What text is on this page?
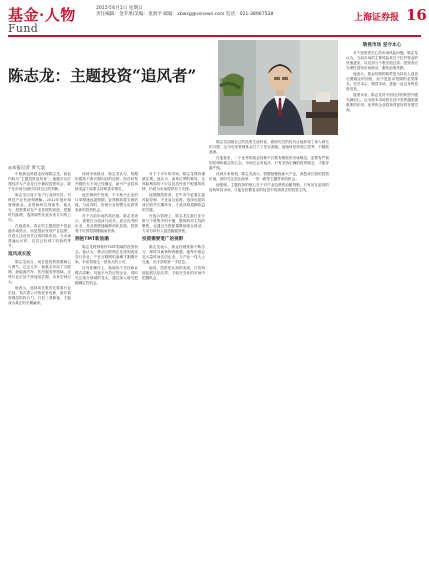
基金·人物
Fund
2015年6月1日 星期日
责任编辑：金苹果/美编：麦润平 邮箱：xbwsg@ssnews.com 电话：021-38967538	上海证券报 16
陈志龙：主题投资“追风者”
◎本报记者 黄大浪

中欧新趋势基金经理陈志龙，被业内称为“主题投资追风者”。他擅长从宏观经济与产业变迁中捕捉投资机会，敢于在市场分歧时坚持自己的判断。

陈志龙出身于电子行业研究员，对科技产业有深刻理解。2012年他开始管理基金，业绩始终名列前茅。他认为，投资要站在产业发展的高度，把握时代脉搏，选择那些代表未来方向的公司。

在他看来，真正的主题投资不是追逐市场热点，而是提前发现产业趋势，在别人还没有关注的时候布局。当市场普遍认可时，往往已经到了收获的季节。

追风成长股

陈志龙坦言，成长股投资需要耐心与勇气。过去几年，他重点布局了互联网、新能源汽车、医疗服务等领域，这些行业正处于快速成长期，未来空间巨大。

他表示，选择成长股首先要看行业空间，其次看公司的竞争优势，最后看管理层的执行力。只有三者兼备，才能成为真正的长期赢家。

谈到市场波动，陈志龙认为，短期的震荡不改长期向好的趋势。经济转型升级的大方向已经确定，新兴产业将持续受益于政策支持和需求增长。

他在调研中发现，不少新兴企业的订单增速远超预期，业绩释放将支撑估值。与此同时，传统行业的整合也将带来新的投资机会。

对于当前市场的高估值，陈志龙表示，需要区分泡沫与成长。真正优秀的企业，其业绩增速能够消化估值，投资者不应因短期涨幅而放弃。

拥抱TMT新浪潮

陈志龙特别看好TMT领域的投资机会。他认为，移动互联网正在深刻改变各行各业，产业互联网的浪潮才刚刚开始，未来将诞生一批伟大的公司。

在具体操作上，他倾向于寻找商业模式清晰、具备平台效应的企业，同时关注细分领域的龙头，通过深入研究把握确定性机会。

对于下半年的市场，陈志龙保持谨慎乐观。他认为，改革红利的释放、无风险利率的下行以及居民资产配置的转移，仍将为市场提供有力支撑。

他提醒投资者，在牛市中更要注意风险控制，不宜盲目追涨。选择优质的成长股并长期持有，才是获取超额收益的关键。

在组合管理上，陈志龙注重行业分散与个股集中的平衡，既保持对主线的聚焦，也通过分散配置降低组合波动，力求为持有人创造稳健回报。

投资需要宽广的视野

陈志龙表示，基金经理需要不断学习，保持对新事物的敏感。他每年都会花大量时间走访企业，与产业一线人士交流，从中获取第一手信息。

他说，投资是认知的变现，只有持续拓展认知边界，才能在变化的市场中把握机会。

陈志龙回顾自己的投资生涯时说，做研究员的经历让他养成了深入研究的习惯，这为后来管理基金打下了坚实基础。他始终坚持独立思考，不随波逐流。

在他看来，一个优秀的基金经理不仅要有敏锐的市场嗅觉，更要有严格的纪律和稳定的心态。市场总会有起伏，只有坚持正确的投资理念，才能穿越牛熊。

谈到未来规划，陈志龙表示，将继续聚焦新兴产业，深挖成长股的投资价值，同时关注国企改革、一带一路等主题带来的机会。

他强调，主题投资的核心在于对产业趋势的前瞻判断，只有站在更高的视角审视市场，才能在纷繁复杂的信息中找到真正的投资主线。

敬畏市场 坚守本心

对于投资者关心的市场风险问题，陈志龙认为，当前市场的主要风险来自于杠杆资金的快速进出，以及部分个股估值过高。投资者应当理性看待市场波动，避免追涨杀跌。

他表示，基金经理的职责是为持有人创造长期稳定的回报，而不是追求短期的业绩排名。坚守本心、敬畏市场，是他一直以来的投资信条。

展望未来，陈志龙对中国经济的转型升级充满信心，认为资本市场将在其中发挥越来越重要的作用，优秀的企业将获得更好的发展空间。
